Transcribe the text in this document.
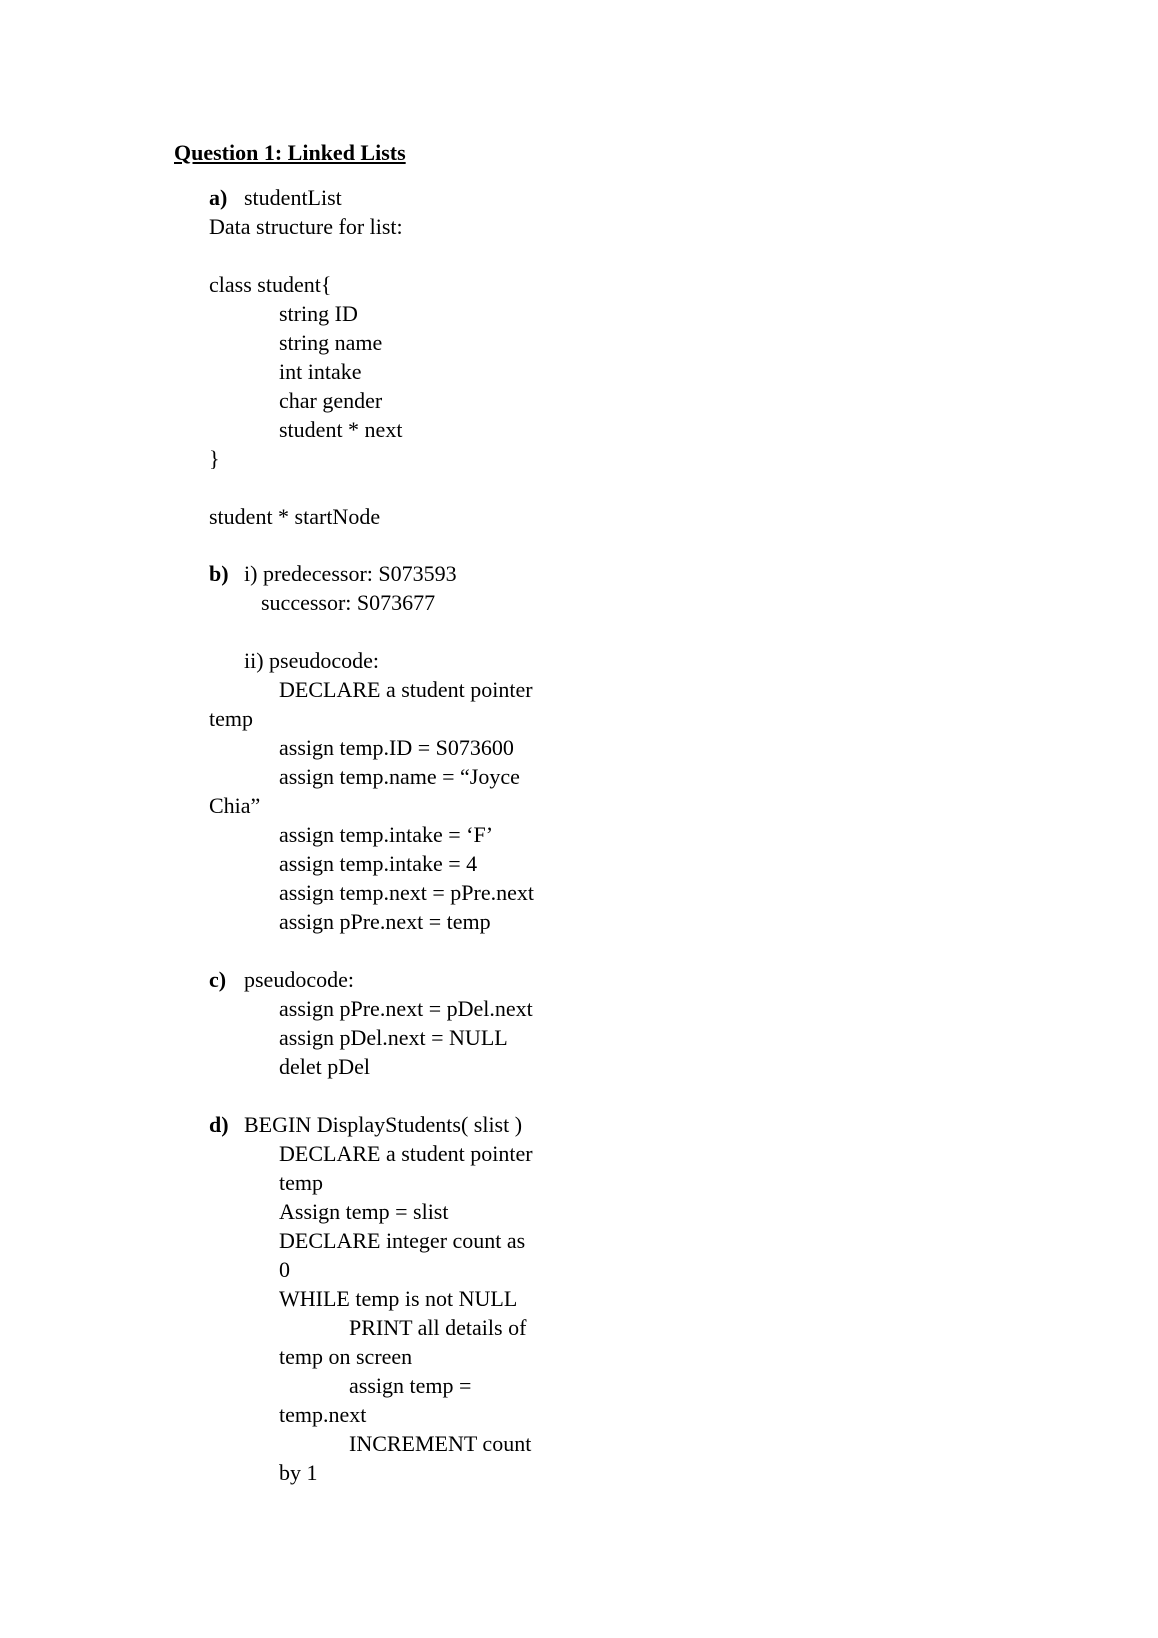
Question 1: Linked Lists
a) studentList
Data structure for list:
class student{
string ID
string name
int intake
char gender
student * next
}
student * startNode
b) i) predecessor: S073593
successor: S073677
ii) pseudocode:
DECLARE a student pointer
temp
assign temp.ID = S073600
assign temp.name = “Joyce
Chia”
assign temp.intake = ‘F’
assign temp.intake = 4
assign temp.next = pPre.next
assign pPre.next = temp
c) pseudocode:
assign pPre.next = pDel.next
assign pDel.next = NULL
delet pDel
d) BEGIN DisplayStudents( slist )
DECLARE a student pointer
temp
Assign temp = slist
DECLARE integer count as
0
WHILE temp is not NULL
PRINT all details of
temp on screen
assign temp =
temp.next
INCREMENT count
by 1
